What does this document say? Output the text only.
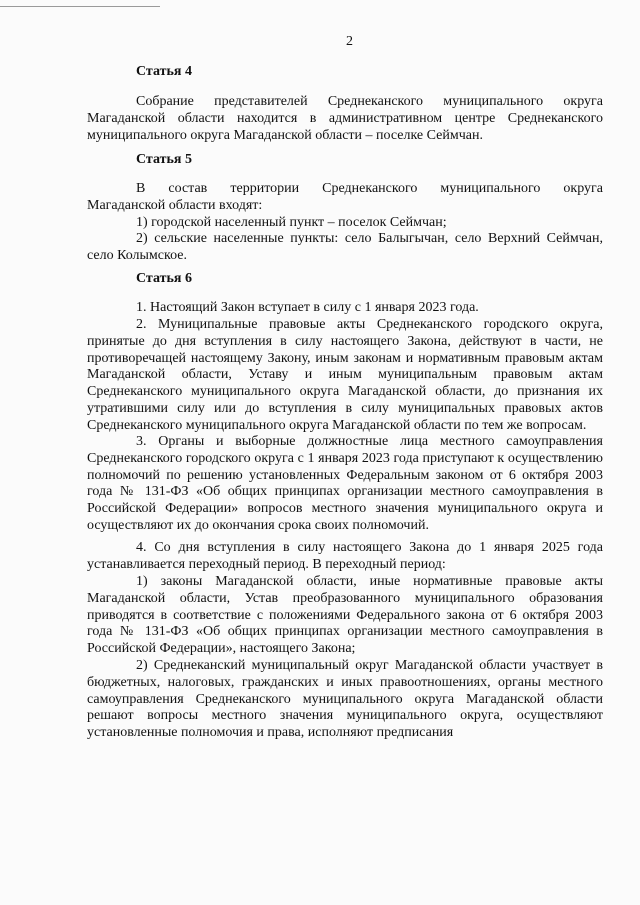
2
Статья 4
Собрание представителей Среднеканского муниципального округа Магаданской области находится в административном центре Среднеканского муниципального округа Магаданской области – поселке Сеймчан.
Статья 5
В состав территории Среднеканского муниципального округа
Магаданской области входят:
1) городской населенный пункт – поселок Сеймчан;
2) сельские населенные пункты: село Балыгычан, село Верхний Сеймчан,
село Колымское.
Статья 6
1. Настоящий Закон вступает в силу с 1 января 2023 года.
2. Муниципальные правовые акты Среднеканского городского округа, принятые до дня вступления в силу настоящего Закона, действуют в части, не противоречащей настоящему Закону, иным законам и нормативным правовым актам Магаданской области, Уставу и иным муниципальным правовым актам Среднеканского муниципального округа Магаданской области, до признания их утратившими силу или до вступления в силу муниципальных правовых актов Среднеканского муниципального округа Магаданской области по тем же вопросам.
3. Органы и выборные должностные лица местного самоуправления Среднеканского городского округа с 1 января 2023 года приступают к осуществлению полномочий по решению установленных Федеральным законом от 6 октября 2003 года № 131-ФЗ «Об общих принципах организации местного самоуправления в Российской Федерации» вопросов местного значения муниципального округа и осуществляют их до окончания срока своих полномочий.
4. Со дня вступления в силу настоящего Закона до 1 января 2025 года устанавливается переходный период. В переходный период:
1) законы Магаданской области, иные нормативные правовые акты Магаданской области, Устав преобразованного муниципального образования приводятся в соответствие с положениями Федерального закона от 6 октября 2003 года № 131-ФЗ «Об общих принципах организации местного самоуправления в Российской Федерации», настоящего Закона;
2) Среднеканский муниципальный округ Магаданской области участвует в бюджетных, налоговых, гражданских и иных правоотношениях, органы местного самоуправления Среднеканского муниципального округа Магаданской области решают вопросы местного значения муниципального округа, осуществляют установленные полномочия и права, исполняют предписания
